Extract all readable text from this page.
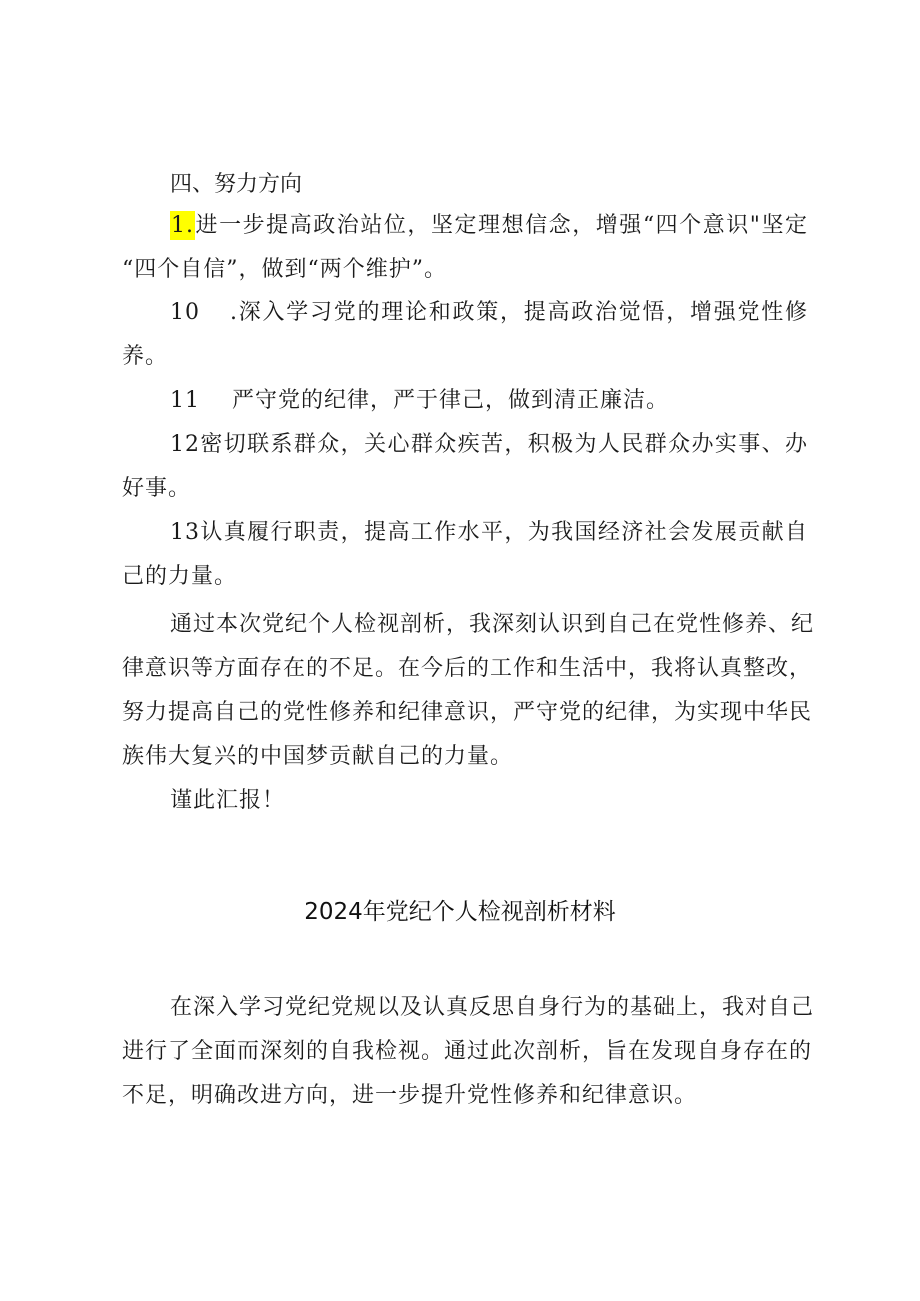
四、努力方向
1.进一步提高政治站位，坚定理想信念，增强“四个意识"坚定
“四个自信”，做到“两个维护”。
10 .深入学习党的理论和政策，提高政治觉悟，增强党性修
养。
11 严守党的纪律，严于律己，做到清正廉洁。
12密切联系群众，关心群众疾苦，积极为人民群众办实事、办
好事。
13认真履行职责，提高工作水平，为我国经济社会发展贡献自
己的力量。
通过本次党纪个人检视剖析，我深刻认识到自己在党性修养、纪
律意识等方面存在的不足。在今后的工作和生活中，我将认真整改，
努力提高自己的党性修养和纪律意识，严守党的纪律，为实现中华民
族伟大复兴的中国梦贡献自己的力量。
谨此汇报！
2024年党纪个人检视剖析材料
在深入学习党纪党规以及认真反思自身行为的基础上，我对自己
进行了全面而深刻的自我检视。通过此次剖析，旨在发现自身存在的
不足，明确改进方向，进一步提升党性修养和纪律意识。
